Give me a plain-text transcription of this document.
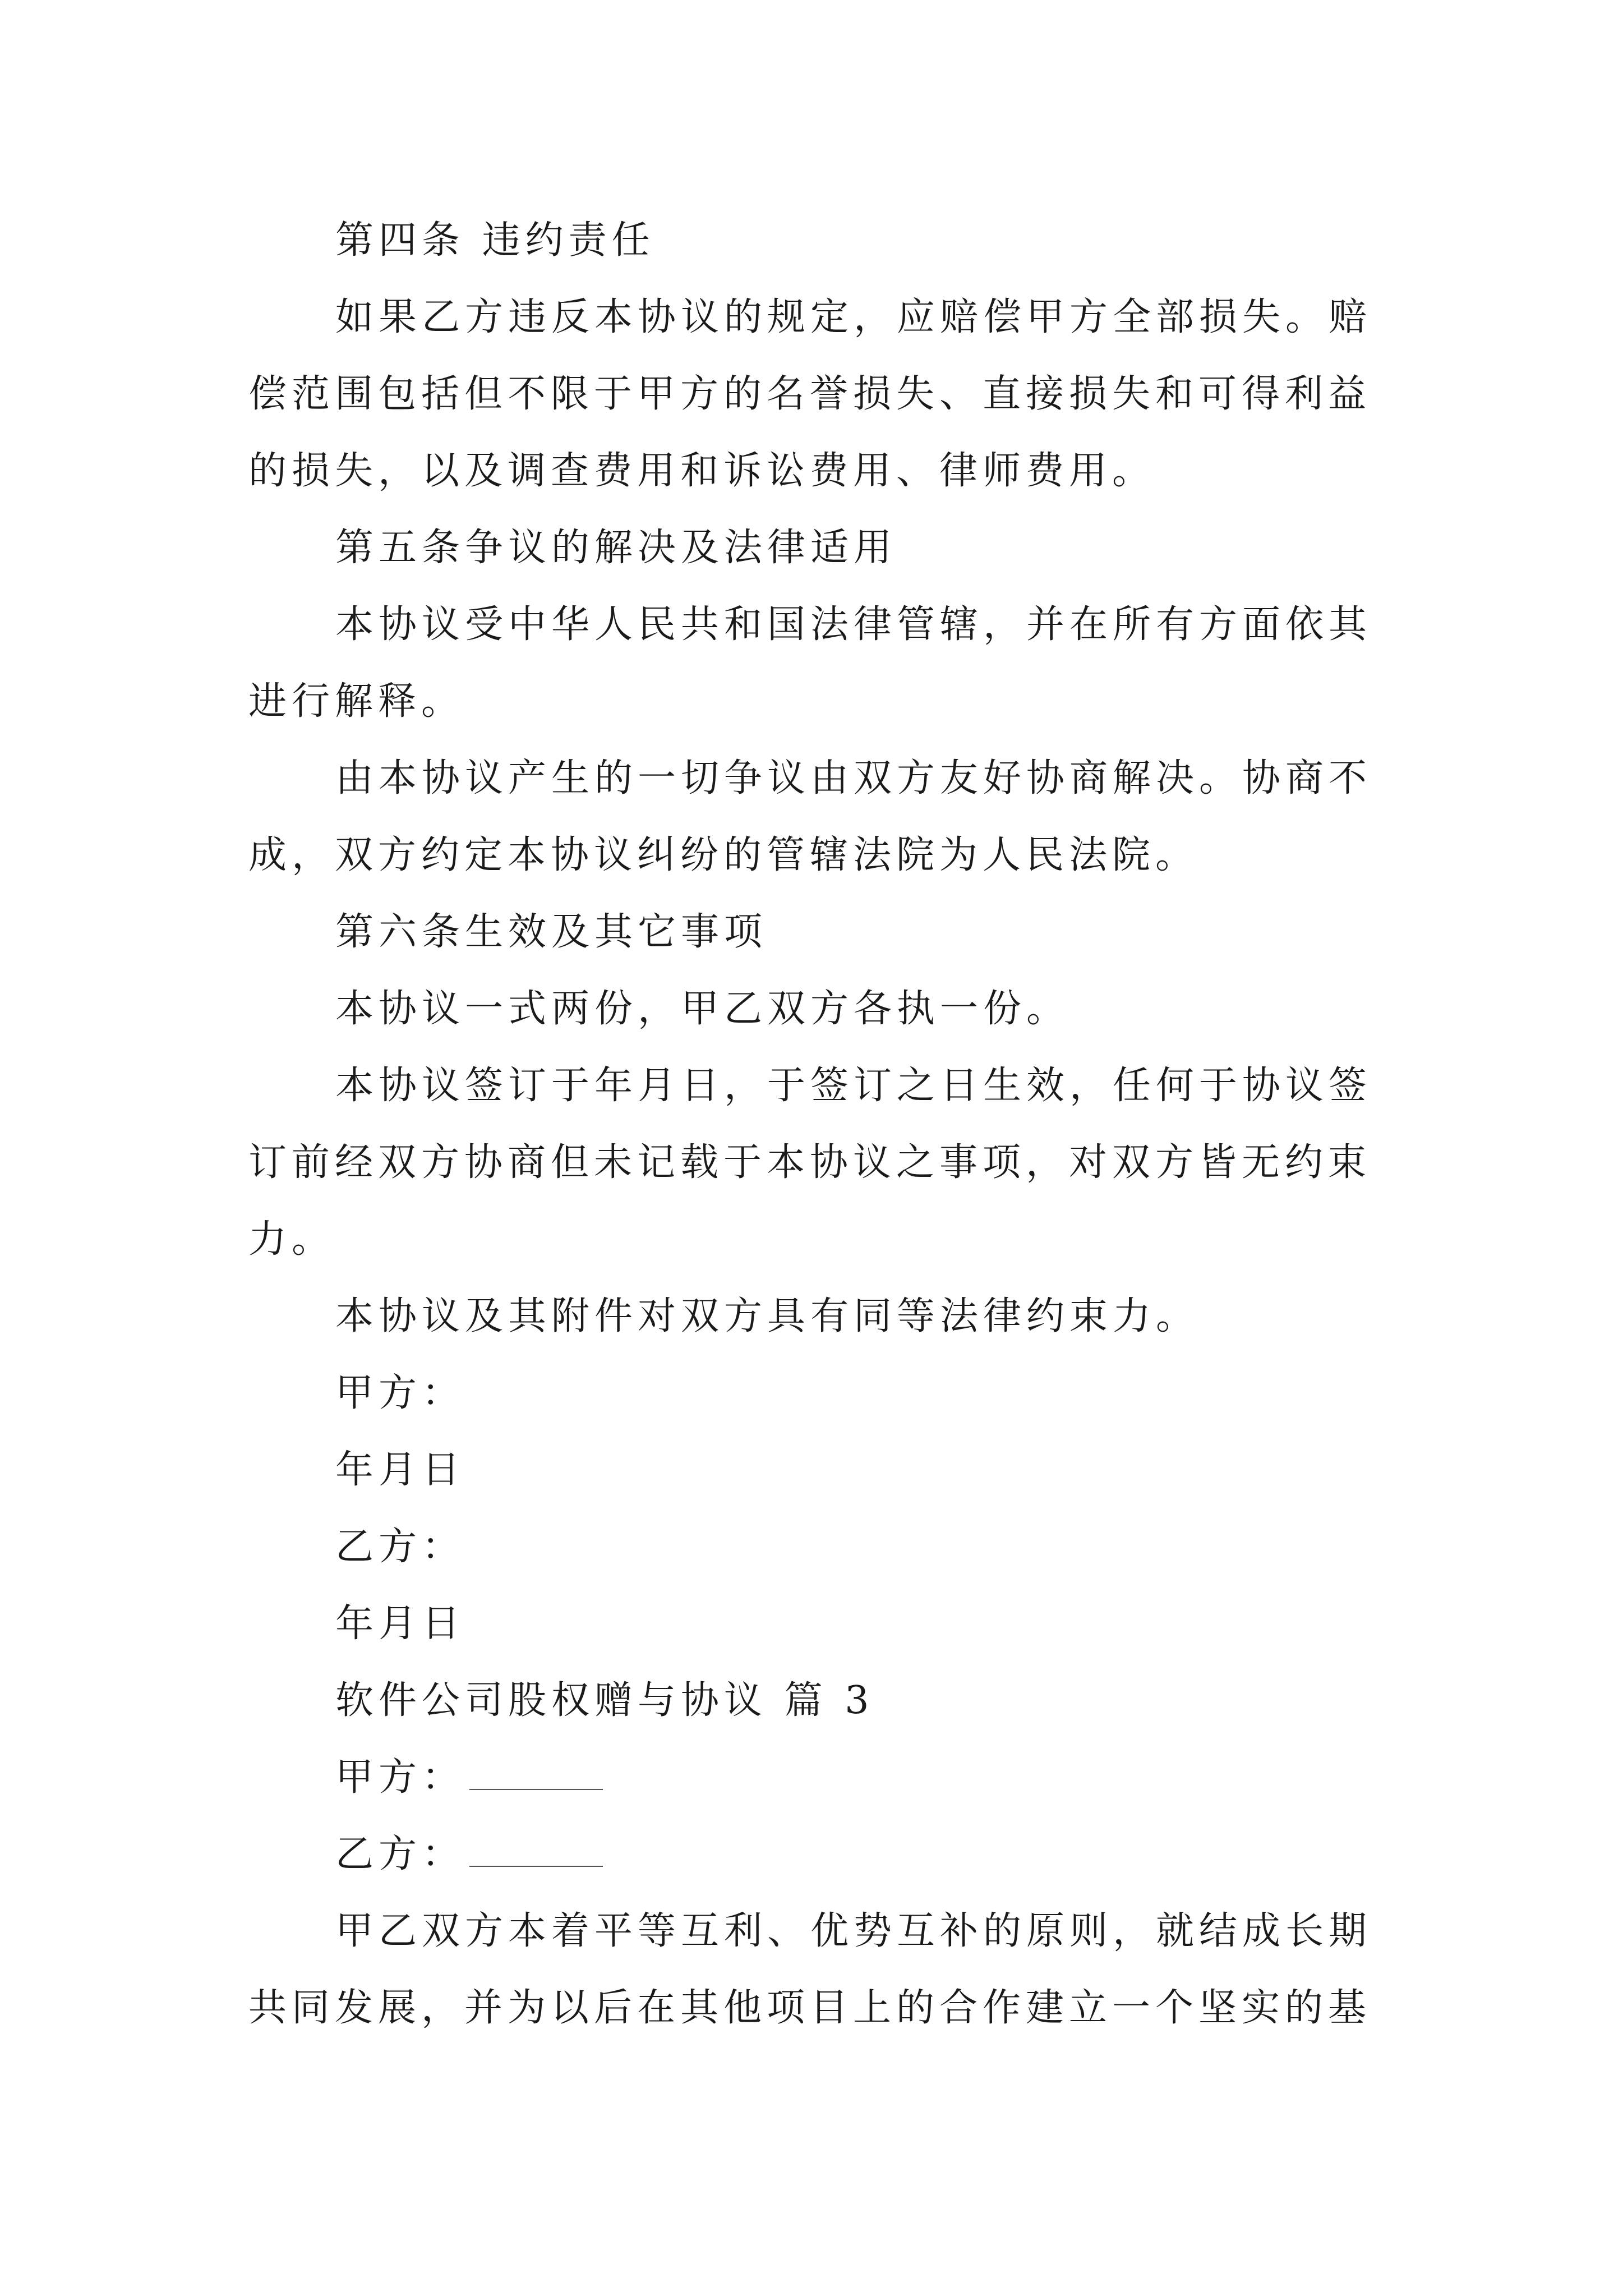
第四条 违约责任

如果乙方违反本协议的规定，应赔偿甲方全部损失。赔偿范围包括但不限于甲方的名誉损失、直接损失和可得利益的损失，以及调查费用和诉讼费用、律师费用。

第五条争议的解决及法律适用

本协议受中华人民共和国法律管辖，并在所有方面依其进行解释。

由本协议产生的一切争议由双方友好协商解决。协商不成，双方约定本协议纠纷的管辖法院为人民法院。

第六条生效及其它事项

本协议一式两份，甲乙双方各执一份。

本协议签订于年月日，于签订之日生效，任何于协议签订前经双方协商但未记载于本协议之事项，对双方皆无约束力。

本协议及其附件对双方具有同等法律约束力。

甲方：

年月日

乙方：

年月日

软件公司股权赠与协议 篇 3

甲方：

乙方：

甲乙双方本着平等互利、优势互补的原则，就结成长期共同发展，并为以后在其他项目上的合作建立一个坚实的基
